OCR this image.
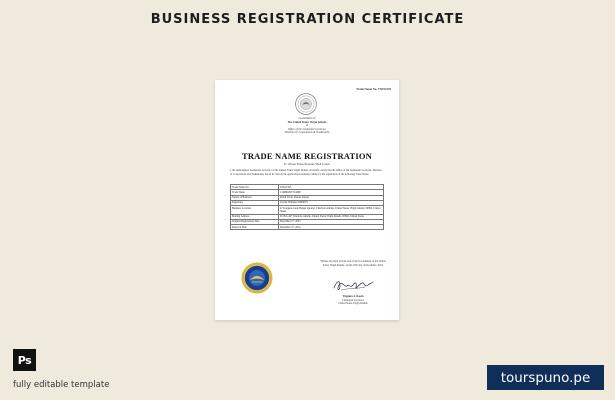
BUSINESS REGISTRATION CERTIFICATE
Trade Name No. TN012345
Government of
The United States Virgin Islands
of
Office of the Lieutenant Governor
Division of Corporations & Trademarks
TRADE NAME REGISTRATION
To Whom These Presents Shall Come:
I, the undersigned, Lieutenant Governor of the United States Virgin Islands, do hereby certify that the Office of the Lieutenant Governor, Division of Corporations and Trademarks, has in its custody the applicable documents calling for the registration of the following Trade Name:
Trade Name No.	TN012345
Trade Name	COMPANY NAME
Nature of Business	Retail Trade, Repair, Repair
Registrant	Lucian Whitmer 00000077
Business Location	47 Kongens Gade Burger Quarter, Charlotte Amalie, United States Virgin Islands, 00802, United States
Mailing Address	Po Box 447 Charlotte Amalie, United States Virgin Islands, 00804, United States
Original Registration Date	December 27, 2023
Renewal Date	December 27, 2024
Witness my hand and the seal of the Government of the United States Virgin Islands, on this 27th day of December, 2023.
Tregenza A. Roach
Lieutenant Governor
United States Virgin Islands
Ps
fully editable template	tourspuno.pe
